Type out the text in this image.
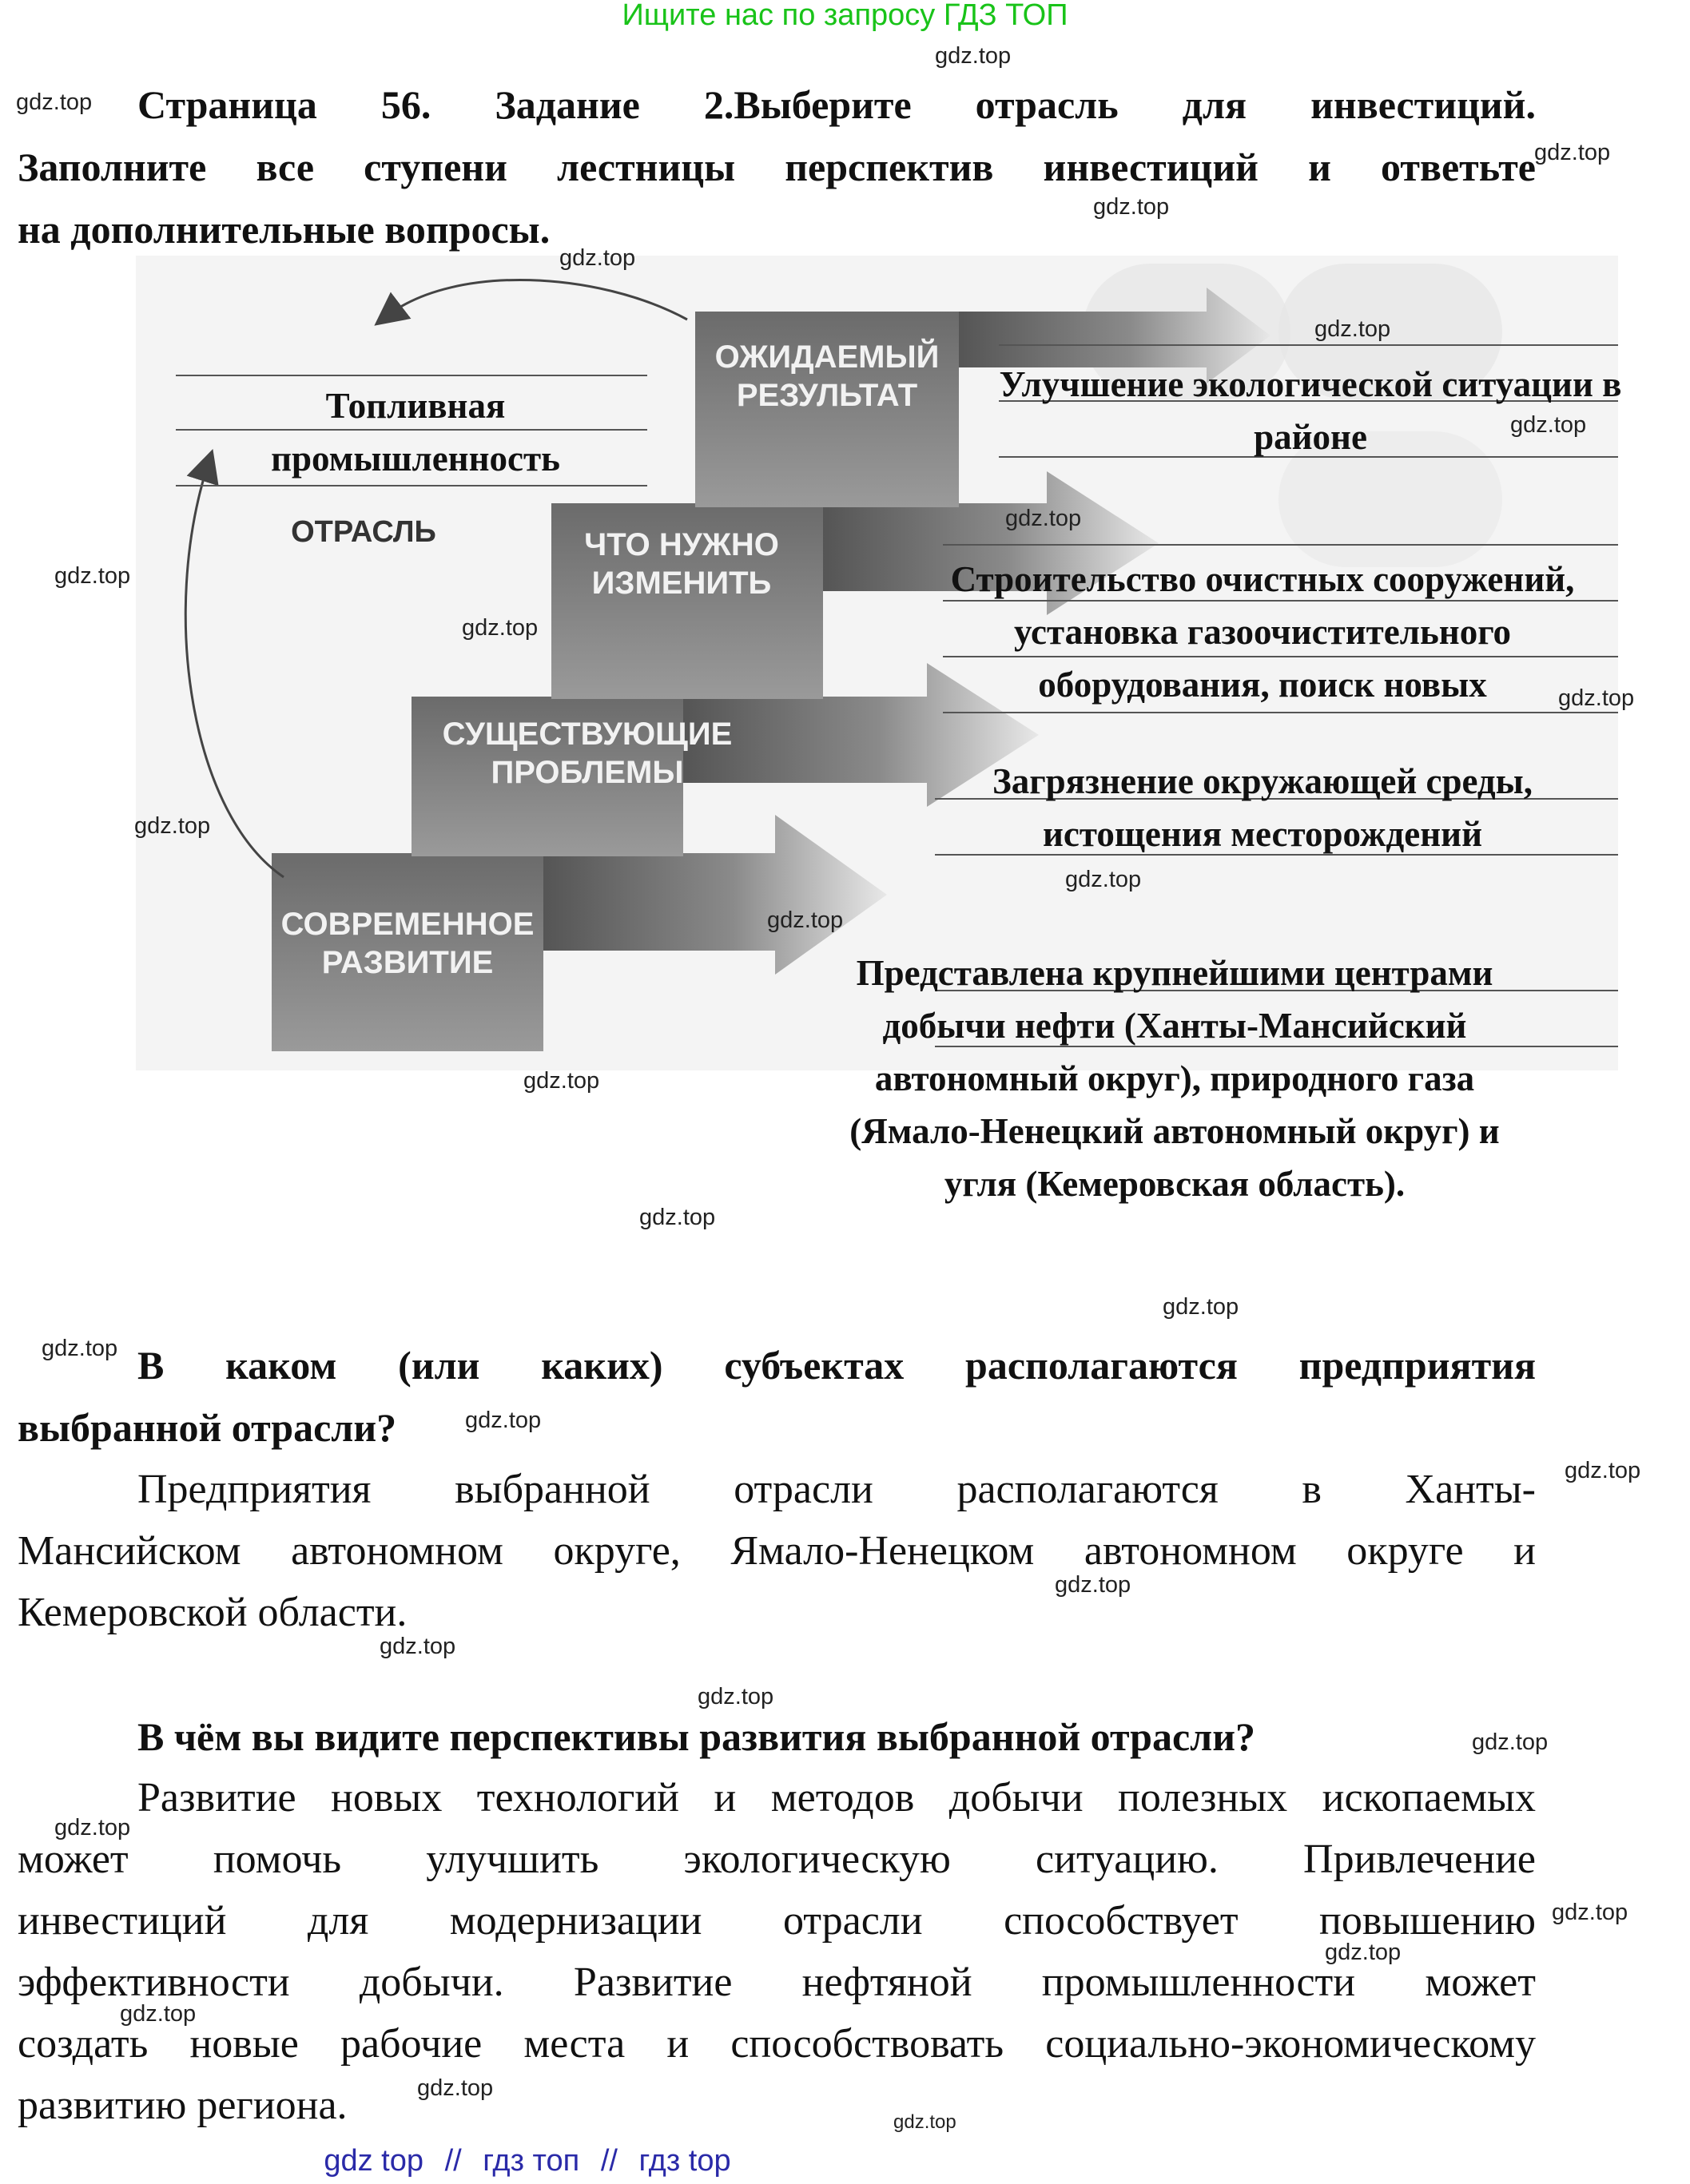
Ищите нас по запросу ГДЗ ТОП
Страница 56. Задание 2.Выберите отрасль для инвестиций.
Заполните все ступени лестницы перспектив инвестиций и ответьте
на дополнительные вопросы.
ОЖИДАЕМЫЙ
РЕЗУЛЬТАТ
ЧТО НУЖНО
ИЗМЕНИТЬ
СУЩЕСТВУЮЩИЕ
ПРОБЛЕМЫ
СОВРЕМЕННОЕ
РАЗВИТИЕ
ОТРАСЛЬ
Топливная
промышленность
Улучшение экологической ситуации в
районе
Строительство очистных сооружений,
установка газоочистительного
оборудования, поиск новых
Загрязнение окружающей среды,
истощения месторождений
Представлена крупнейшими центрами
добычи нефти (Ханты-Мансийский
автономный округ), природного газа
(Ямало-Ненецкий автономный округ) и
угля (Кемеровская область).
В каком (или каких) субъектах располагаются предприятия
выбранной отрасли?
Предприятия выбранной отрасли располагаются в Ханты-
Мансийском автономном округе, Ямало-Ненецком автономном округе и
Кемеровской области.
В чём вы видите перспективы развития выбранной отрасли?
Развитие новых технологий и методов добычи полезных ископаемых
может помочь улучшить экологическую ситуацию. Привлечение
инвестиций для модернизации отрасли способствует повышению
эффективности добычи. Развитие нефтяной промышленности может
создать новые рабочие места и способствовать социально-экономическому
развитию региона.
gdz top // гдз топ // гдз top
gdz.top
gdz.top
gdz.top
gdz.top
gdz.top
gdz.top
gdz.top
gdz.top
gdz.top
gdz.top
gdz.top
gdz.top
gdz.top
gdz.top
gdz.top
gdz.top
gdz.top
gdz.top
gdz.top
gdz.top
gdz.top
gdz.top
gdz.top
gdz.top
gdz.top
gdz.top
gdz.top
gdz.top
gdz.top
gdz.top
